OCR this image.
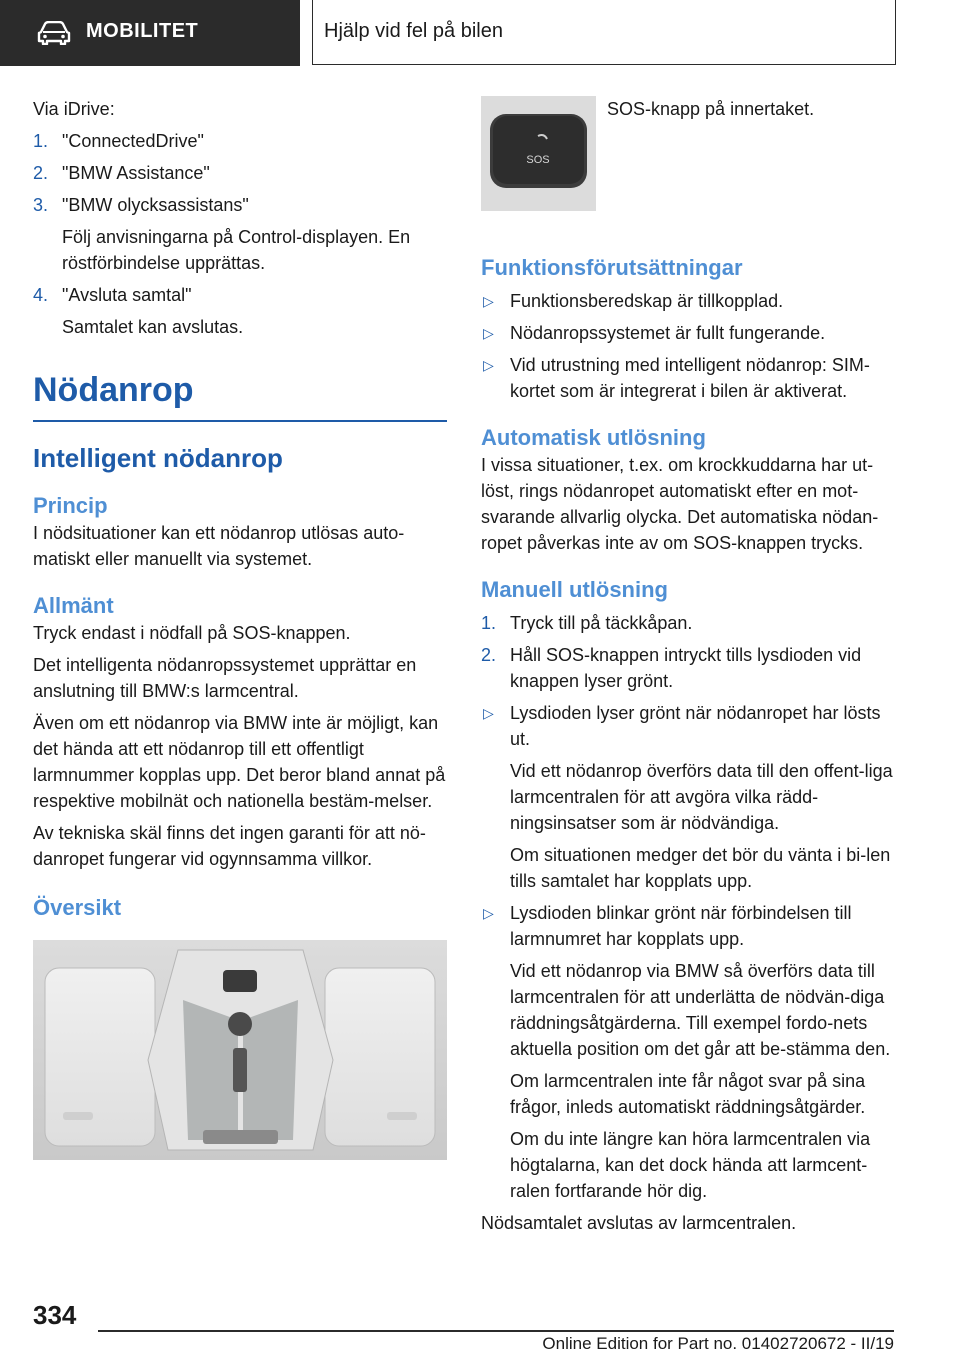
MOBILITET	Hjälp vid fel på bilen

Via iDrive:

1. "ConnectedDrive"
2. "BMW Assistance"
3. "BMW olycksassistans"
Följ anvisningarna på Control-displayen. En röstförbindelse upprättas.
4. "Avsluta samtal"
Samtalet kan avslutas.
Nödanrop
Intelligent nödanrop
Princip

I nödsituationer kan ett nödanrop utlösas auto-matiskt eller manuellt via systemet.

Allmänt

Tryck endast i nödfall på SOS-knappen.

Det intelligenta nödanropssystemet upprättar en anslutning till BMW:s larmcentral.

Även om ett nödanrop via BMW inte är möjligt, kan det hända att ett nödanrop till ett offentligt larmnummer kopplas upp. Det beror bland annat på respektive mobilnät och nationella bestäm-melser.

Av tekniska skäl finns det ingen garanti för att nö-danropet fungerar vid ogynnsamma villkor.

Översikt
SOS
SOS-knapp på innertaket.
Funktionsförutsättningar
▷ Funktionsberedskap är tillkopplad.
▷ Nödanropssystemet är fullt fungerande.
▷ Vid utrustning med intelligent nödanrop: SIM-kortet som är integrerat i bilen är aktiverat.
Automatisk utlösning

I vissa situationer, t.ex. om krockkuddarna har ut-löst, rings nödanropet automatiskt efter en mot-svarande allvarlig olycka. Det automatiska nödan-ropet påverkas inte av om SOS-knappen trycks.

Manuell utlösning
1. Tryck till på täckkåpan.
2. Håll SOS-knappen intryckt tills lysdioden vid knappen lyser grönt.
▷ Lysdioden lyser grönt när nödanropet har lösts ut.
Vid ett nödanrop överförs data till den offent-liga larmcentralen för att avgöra vilka rädd-ningsinsatser som är nödvändiga.
Om situationen medger det bör du vänta i bi-len tills samtalet har kopplats upp.
▷ Lysdioden blinkar grönt när förbindelsen till larmnumret har kopplats upp.
Vid ett nödanrop via BMW så överförs data till larmcentralen för att underlätta de nödvän-diga räddningsåtgärderna. Till exempel fordo-nets aktuella position om det går att be-stämma den.
Om larmcentralen inte får något svar på sina frågor, inleds automatiskt räddningsåtgärder.
Om du inte längre kan höra larmcentralen via högtalarna, kan det dock hända att larmcent-ralen fortfarande hör dig.

Nödsamtalet avslutas av larmcentralen.

334
Online Edition for Part no. 01402720672 - II/19
